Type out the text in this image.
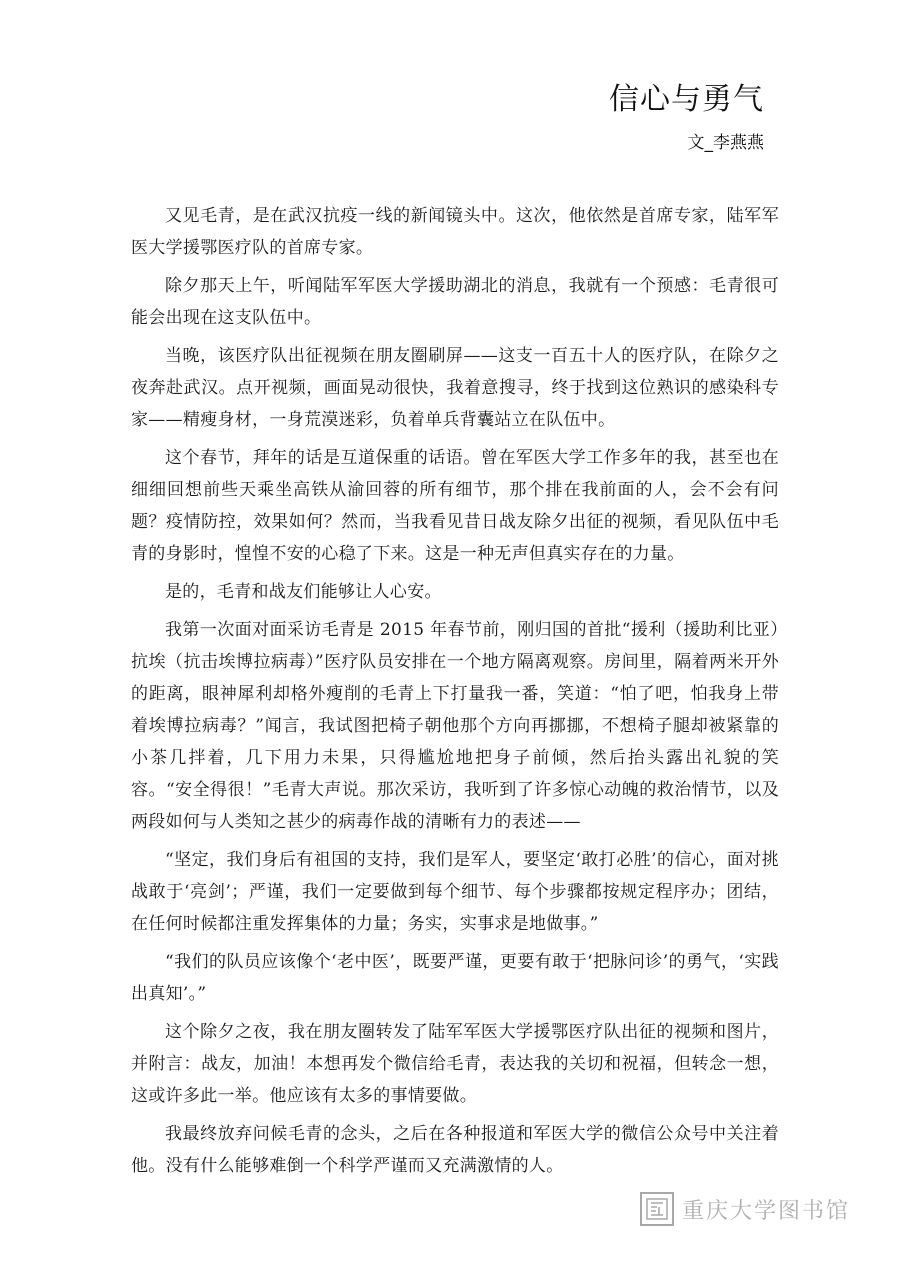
信心与勇气
文_李燕燕

又见毛青，是在武汉抗疫一线的新闻镜头中。这次，他依然是首席专家，陆军军医大学援鄂医疗队的首席专家。

除夕那天上午，听闻陆军军医大学援助湖北的消息，我就有一个预感：毛青很可能会出现在这支队伍中。

当晚，该医疗队出征视频在朋友圈刷屏——这支一百五十人的医疗队，在除夕之夜奔赴武汉。点开视频，画面晃动很快，我着意搜寻，终于找到这位熟识的感染科专家——精瘦身材，一身荒漠迷彩，负着单兵背囊站立在队伍中。

这个春节，拜年的话是互道保重的话语。曾在军医大学工作多年的我，甚至也在细细回想前些天乘坐高铁从渝回蓉的所有细节，那个排在我前面的人，会不会有问题？疫情防控，效果如何？然而，当我看见昔日战友除夕出征的视频，看见队伍中毛青的身影时，惶惶不安的心稳了下来。这是一种无声但真实存在的力量。

是的，毛青和战友们能够让人心安。

我第一次面对面采访毛青是 2015 年春节前，刚归国的首批“援利（援助利比亚）抗埃（抗击埃博拉病毒）”医疗队员安排在一个地方隔离观察。房间里，隔着两米开外的距离，眼神犀利却格外瘦削的毛青上下打量我一番，笑道：“怕了吧，怕我身上带着埃博拉病毒？”闻言，我试图把椅子朝他那个方向再挪挪，不想椅子腿却被紧靠的小茶几拌着，几下用力未果，只得尴尬地把身子前倾，然后抬头露出礼貌的笑容。“安全得很！”毛青大声说。那次采访，我听到了许多惊心动魄的救治情节，以及两段如何与人类知之甚少的病毒作战的清晰有力的表述——

“坚定，我们身后有祖国的支持，我们是军人，要坚定‘敢打必胜’的信心，面对挑战敢于‘亮剑’；严谨，我们一定要做到每个细节、每个步骤都按规定程序办；团结，在任何时候都注重发挥集体的力量；务实，实事求是地做事。”

“我们的队员应该像个‘老中医’，既要严谨，更要有敢于‘把脉问诊’的勇气，‘实践出真知’。”

这个除夕之夜，我在朋友圈转发了陆军军医大学援鄂医疗队出征的视频和图片，并附言：战友，加油！本想再发个微信给毛青，表达我的关切和祝福，但转念一想，这或许多此一举。他应该有太多的事情要做。

我最终放弃问候毛青的念头，之后在各种报道和军医大学的微信公众号中关注着他。没有什么能够难倒一个科学严谨而又充满激情的人。

重庆大学图书馆
